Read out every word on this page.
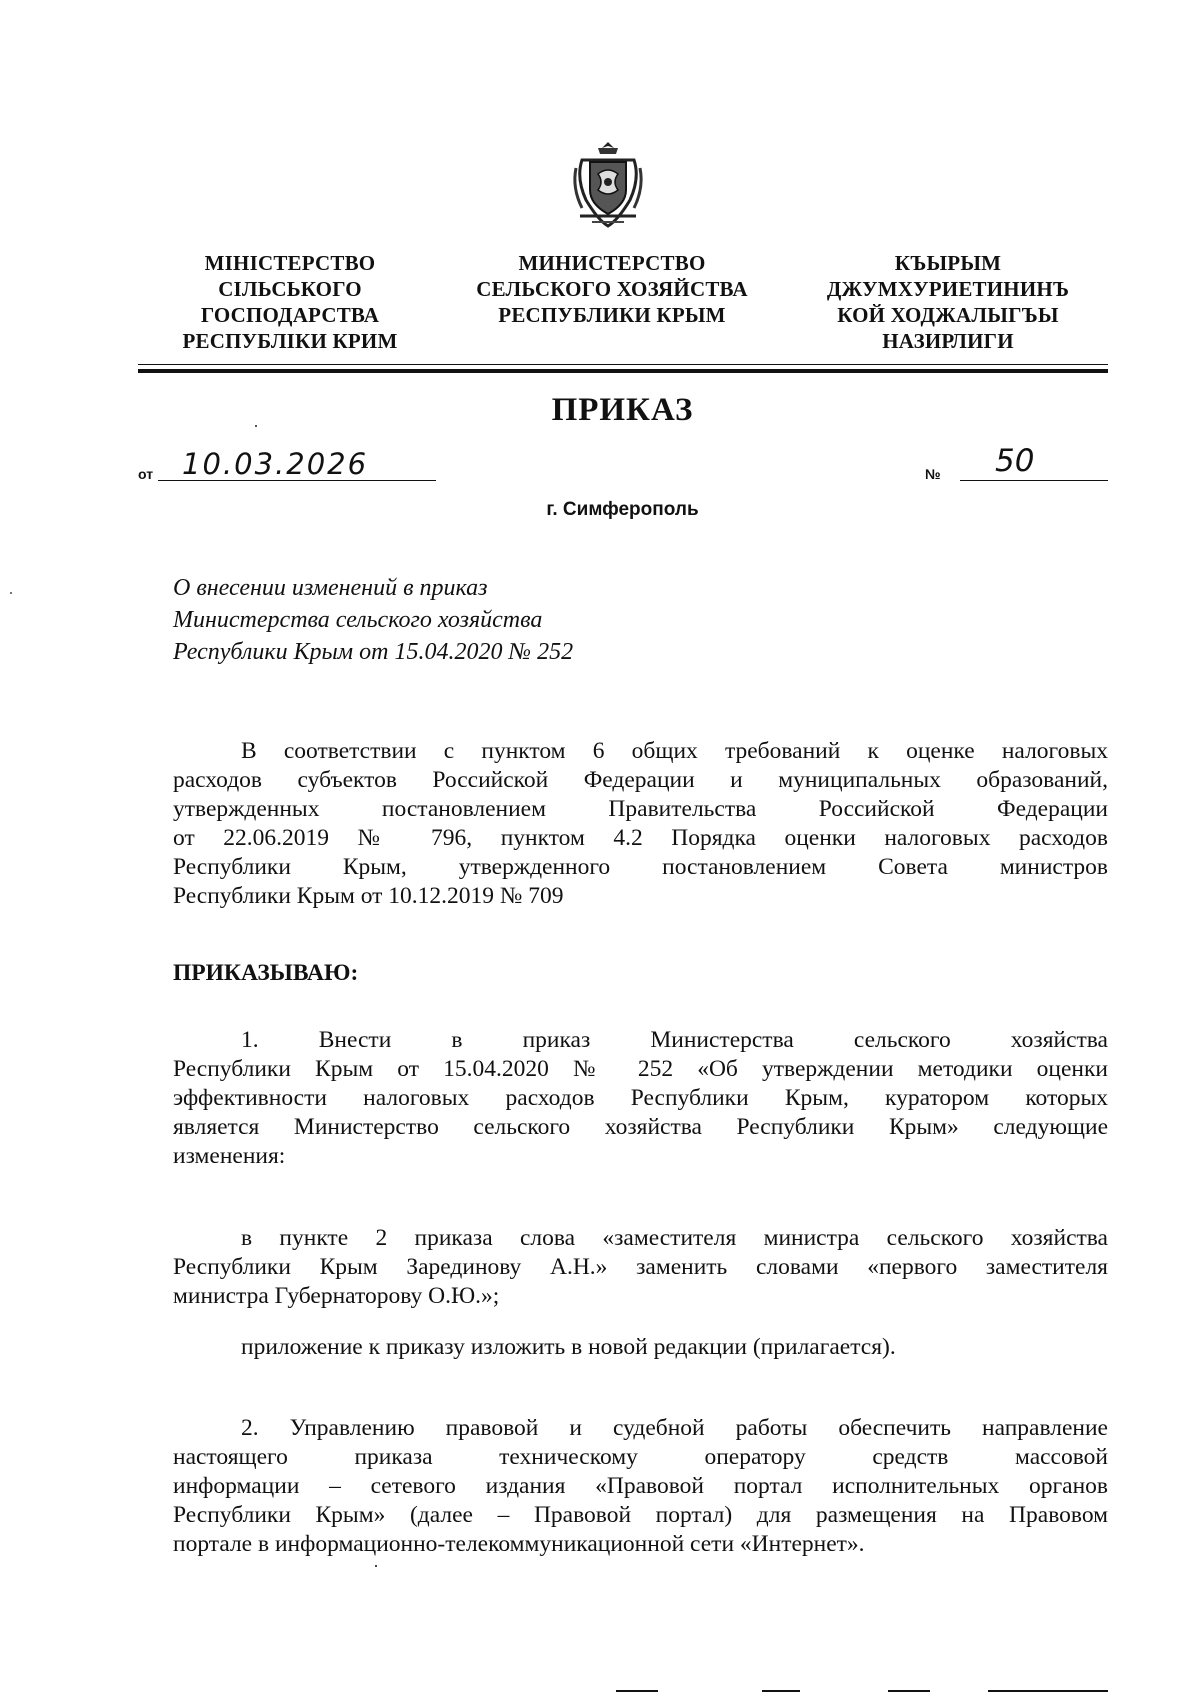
МІНІСТЕРСТВО
СІЛЬСЬКОГО
ГОСПОДАРСТВА
РЕСПУБЛІКИ КРИМ
МИНИСТЕРСТВО
СЕЛЬСКОГО ХОЗЯЙСТВА
РЕСПУБЛИКИ КРЫМ
КЪЫРЫМ
ДЖУМХУРИЕТИНИНЪ
КОЙ ХОДЖАЛЫГЪЫ
НАЗИРЛИГИ
ПРИКАЗ
от 10.03.2026	№ 50
г. Симферополь
О внесении изменений в приказ
Министерства сельского хозяйства
Республики Крым от 15.04.2020 № 252
В соответствии с пунктом 6 общих требований к оценке налоговых
расходов субъектов Российской Федерации и муниципальных образований,
утвержденных постановлением Правительства Российской Федерации
от 22.06.2019 № 796, пунктом 4.2 Порядка оценки налоговых расходов
Республики Крым, утвержденного постановлением Совета министров
Республики Крым от 10.12.2019 № 709
ПРИКАЗЫВАЮ:
1. Внести в приказ Министерства сельского хозяйства
Республики Крым от 15.04.2020 № 252 «Об утверждении методики оценки
эффективности налоговых расходов Республики Крым, куратором которых
является Министерство сельского хозяйства Республики Крым» следующие
изменения:
в пункте 2 приказа слова «заместителя министра сельского хозяйства
Республики Крым Зарединову А.Н.» заменить словами «первого заместителя
министра Губернаторову О.Ю.»;
приложение к приказу изложить в новой редакции (прилагается).
2. Управлению правовой и судебной работы обеспечить направление
настоящего приказа техническому оператору средств массовой
информации – сетевого издания «Правовой портал исполнительных органов
Республики Крым» (далее – Правовой портал) для размещения на Правовом
портале в информационно-телекоммуникационной сети «Интернет».
